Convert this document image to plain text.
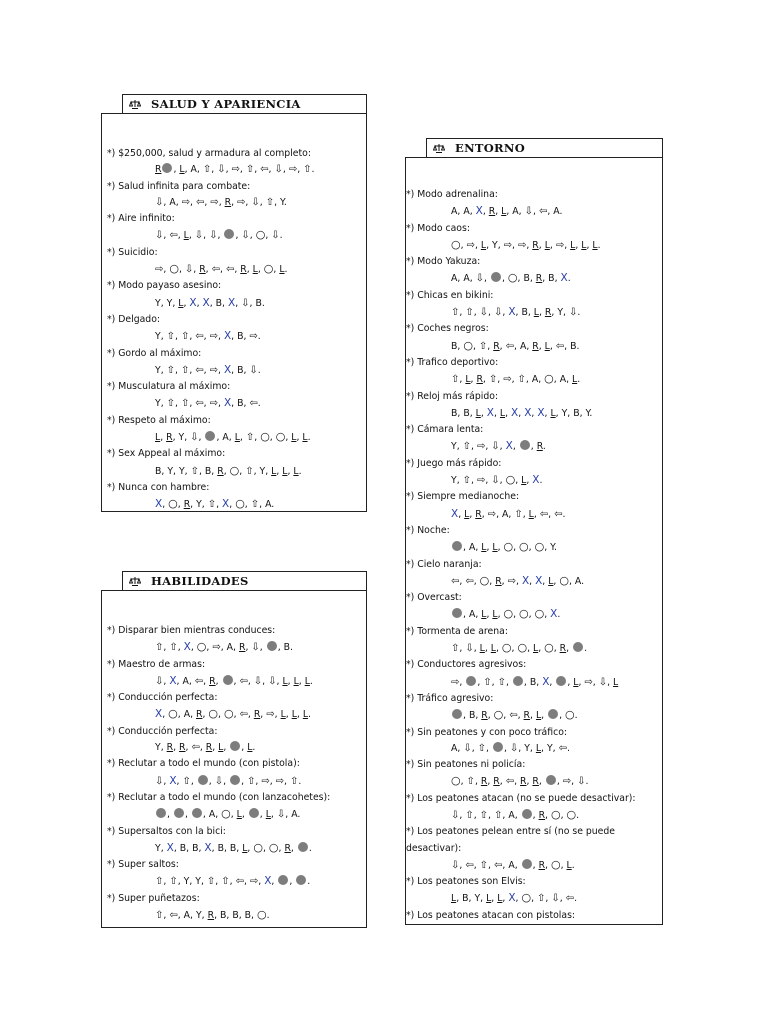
SALUD Y APARIENCIA
*) $250,000, salud y armadura al completo:
R , L, A, ⇧, ⇩, ⇨, ⇧, ⇦, ⇩, ⇨, ⇧.
*) Salud infinita para combate:
⇩, A, ⇨, ⇦, ⇨, R, ⇨, ⇩, ⇧, Y.
*) Aire infinito:
⇩, ⇦, L, ⇩, ⇩, , ⇩, ○, ⇩.
*) Suicidio:
⇨, ○, ⇩, R, ⇦, ⇦, R, L, ○, L.
*) Modo payaso asesino:
Y, Y, L, X, X, B, X, ⇩, B.
*) Delgado:
Y, ⇧, ⇧, ⇦, ⇨, X, B, ⇨.
*) Gordo al máximo:
Y, ⇧, ⇧, ⇦, ⇨, X, B, ⇩.
*) Musculatura al máximo:
Y, ⇧, ⇧, ⇦, ⇨, X, B, ⇦.
*) Respeto al máximo:
L, R, Y, ⇩, , A, L, ⇧, ○, ○, L, L.
*) Sex Appeal al máximo:
B, Y, Y, ⇧, B, R, ○, ⇧, Y, L, L, L.
*) Nunca con hambre:
X, ○, R, Y, ⇧, X, ○, ⇧, A.
HABILIDADES
*) Disparar bien mientras conduces:
⇧, ⇧, X, ○, ⇨, A, R, ⇩, , B.
*) Maestro de armas:
⇩, X, A, ⇦, R, , ⇦, ⇩, ⇩, L, L, L.
*) Conducción perfecta:
X, ○, A, R, ○, ○, ⇦, R, ⇨, L, L, L.
*) Conducción perfecta:
Y, R, R, ⇦, R, L, , L.
*) Reclutar a todo el mundo (con pistola):
⇩, X, ⇧, , ⇩, , ⇧, ⇨, ⇨, ⇧.
*) Reclutar a todo el mundo (con lanzacohetes):
, , , A, ○, L, , L, ⇩, A.
*) Supersaltos con la bici:
Y, X, B, B, X, B, B, L, ○, ○, R, .
*) Super saltos:
⇧, ⇧, Y, Y, ⇧, ⇧, ⇦, ⇨, X, , .
*) Super puñetazos:
⇧, ⇦, A, Y, R, B, B, B, ○.
ENTORNO
*) Modo adrenalina:
A, A, X, R, L, A, ⇩, ⇦, A.
*) Modo caos:
○, ⇨, L, Y, ⇨, ⇨, R, L, ⇨, L, L, L.
*) Modo Yakuza:
A, A, ⇩, , ○, B, R, B, X.
*) Chicas en bikini:
⇧, ⇧, ⇩, ⇩, X, B, L, R, Y, ⇩.
*) Coches negros:
B, ○, ⇧, R, ⇦, A, R, L, ⇦, B.
*) Trafico deportivo:
⇧, L, R, ⇧, ⇨, ⇧, A, ○, A, L.
*) Reloj más rápido:
B, B, L, X, L, X, X, X, L, Y, B, Y.
*) Cámara lenta:
Y, ⇧, ⇨, ⇩, X, , R.
*) Juego más rápido:
Y, ⇧, ⇨, ⇩, ○, L, X.
*) Siempre medianoche:
X, L, R, ⇨, A, ⇧, L, ⇦, ⇦.
*) Noche:
, A, L, L, ○, ○, ○, Y.
*) Cielo naranja:
⇦, ⇦, ○, R, ⇨, X, X, L, ○, A.
*) Overcast:
, A, L, L, ○, ○, ○, X.
*) Tormenta de arena:
⇧, ⇩, L, L, ○, ○, L, ○, R, .
*) Conductores agresivos:
⇨, , ⇧, ⇧, , B, X, , L, ⇨, ⇩, L
*) Tráfico agresivo:
, B, R, ○, ⇦, R, L, , ○.
*) Sin peatones y con poco tráfico:
A, ⇩, ⇧, , ⇩, Y, L, Y, ⇦.
*) Sin peatones ni policía:
○, ⇧, R, R, ⇦, R, R, , ⇨, ⇩.
*) Los peatones atacan (no se puede desactivar):
⇩, ⇧, ⇧, ⇧, A, , R, ○, ○.
*) Los peatones pelean entre sí (no se puede desactivar):
⇩, ⇦, ⇧, ⇦, A, , R, ○, L.
*) Los peatones son Elvis:
L, B, Y, L, L, X, ○, ⇧, ⇩, ⇦.
*) Los peatones atacan con pistolas:
